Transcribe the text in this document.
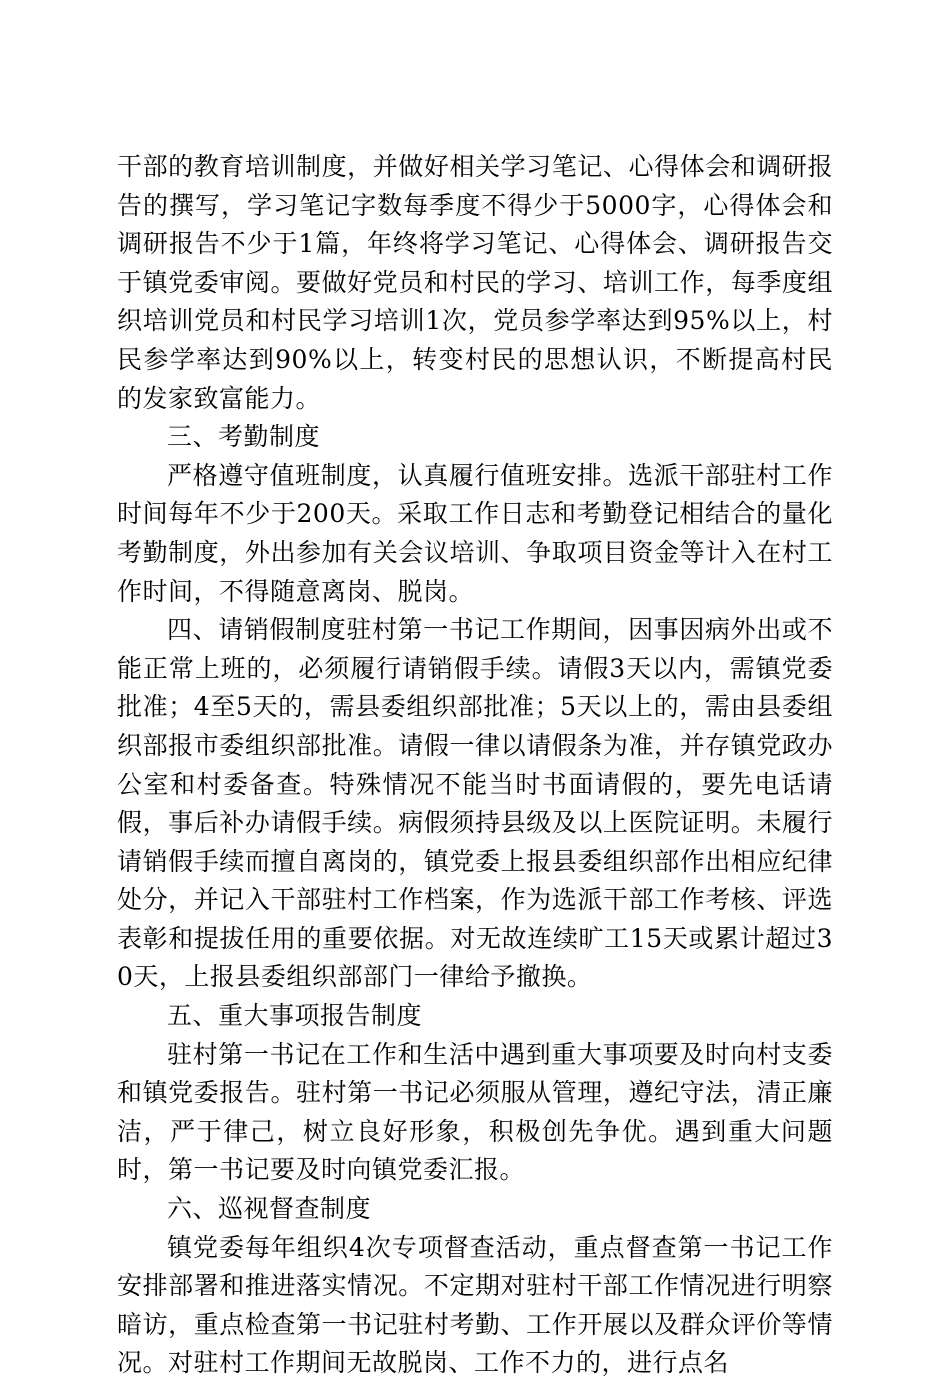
干部的教育培训制度，并做好相关学习笔记、心得体会和调研报告的撰写，学习笔记字数每季度不得少于5000字，心得体会和调研报告不少于1篇，年终将学习笔记、心得体会、调研报告交于镇党委审阅。要做好党员和村民的学习、培训工作，每季度组织培训党员和村民学习培训1次，党员参学率达到95%以上，村民参学率达到90%以上，转变村民的思想认识，不断提高村民的发家致富能力。

三、考勤制度

严格遵守值班制度，认真履行值班安排。选派干部驻村工作时间每年不少于200天。采取工作日志和考勤登记相结合的量化考勤制度，外出参加有关会议培训、争取项目资金等计入在村工作时间，不得随意离岗、脱岗。

四、请销假制度驻村第一书记工作期间，因事因病外出或不能正常上班的，必须履行请销假手续。请假3天以内，需镇党委批准；4至5天的，需县委组织部批准；5天以上的，需由县委组织部报市委组织部批准。请假一律以请假条为准，并存镇党政办公室和村委备查。特殊情况不能当时书面请假的，要先电话请假，事后补办请假手续。病假须持县级及以上医院证明。未履行请销假手续而擅自离岗的，镇党委上报县委组织部作出相应纪律处分，并记入干部驻村工作档案，作为选派干部工作考核、评选表彰和提拔任用的重要依据。对无故连续旷工15天或累计超过30天，上报县委组织部部门一律给予撤换。

五、重大事项报告制度

驻村第一书记在工作和生活中遇到重大事项要及时向村支委和镇党委报告。驻村第一书记必须服从管理，遵纪守法，清正廉洁，严于律己，树立良好形象，积极创先争优。遇到重大问题时，第一书记要及时向镇党委汇报。

六、巡视督查制度

镇党委每年组织4次专项督查活动，重点督查第一书记工作安排部署和推进落实情况。不定期对驻村干部工作情况进行明察暗访，重点检查第一书记驻村考勤、工作开展以及群众评价等情况。对驻村工作期间无故脱岗、工作不力的，进行点名
